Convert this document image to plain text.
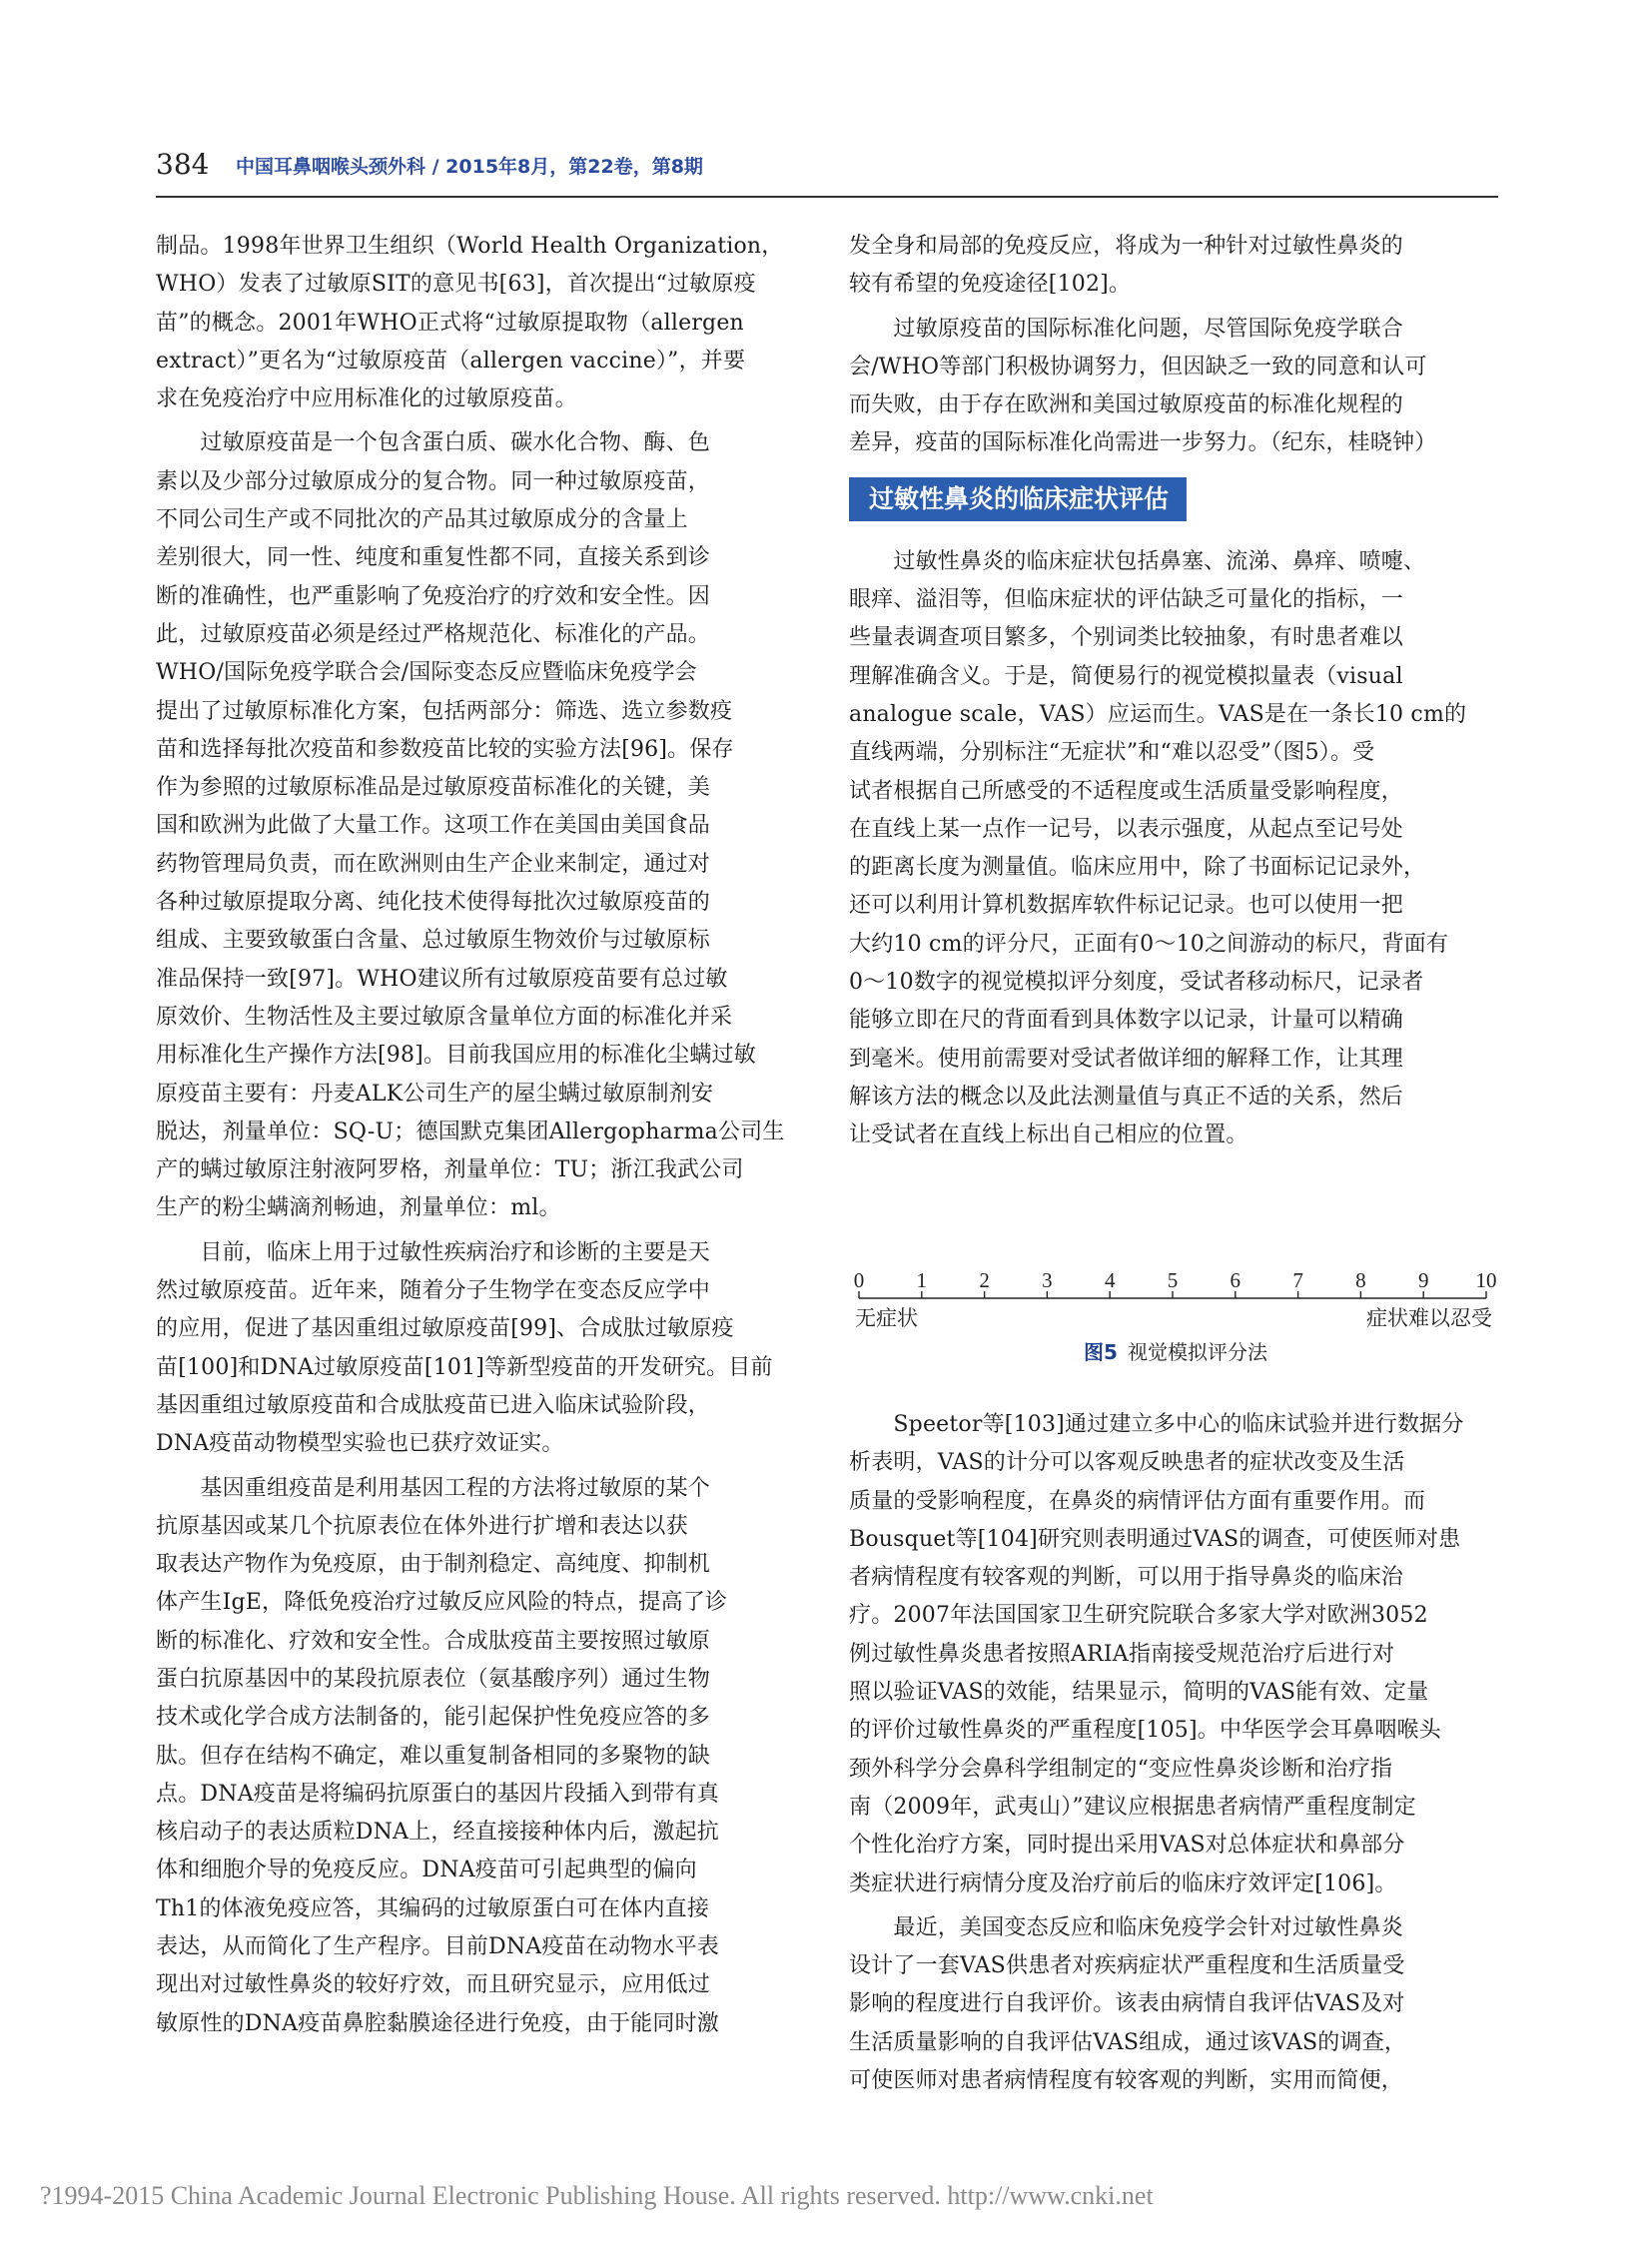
384 中国耳鼻咽喉头颈外科 / 2015年8月，第22卷，第8期

制品。1998年世界卫生组织（World Health Organization，
WHO）发表了过敏原SIT的意见书[63]，首次提出“过敏原疫
苗”的概念。2001年WHO正式将“过敏原提取物（allergen
extract）”更名为“过敏原疫苗（allergen vaccine）”，并要
求在免疫治疗中应用标准化的过敏原疫苗。

　　过敏原疫苗是一个包含蛋白质、碳水化合物、酶、色
素以及少部分过敏原成分的复合物。同一种过敏原疫苗，
不同公司生产或不同批次的产品其过敏原成分的含量上
差别很大，同一性、纯度和重复性都不同，直接关系到诊
断的准确性，也严重影响了免疫治疗的疗效和安全性。因
此，过敏原疫苗必须是经过严格规范化、标准化的产品。
WHO/国际免疫学联合会/国际变态反应暨临床免疫学会
提出了过敏原标准化方案，包括两部分：筛选、选立参数疫
苗和选择每批次疫苗和参数疫苗比较的实验方法[96]。保存
作为参照的过敏原标准品是过敏原疫苗标准化的关键，美
国和欧洲为此做了大量工作。这项工作在美国由美国食品
药物管理局负责，而在欧洲则由生产企业来制定，通过对
各种过敏原提取分离、纯化技术使得每批次过敏原疫苗的
组成、主要致敏蛋白含量、总过敏原生物效价与过敏原标
准品保持一致[97]。WHO建议所有过敏原疫苗要有总过敏
原效价、生物活性及主要过敏原含量单位方面的标准化并采
用标准化生产操作方法[98]。目前我国应用的标准化尘螨过敏
原疫苗主要有：丹麦ALK公司生产的屋尘螨过敏原制剂安
脱达，剂量单位：SQ-U；德国默克集团Allergopharma公司生
产的螨过敏原注射液阿罗格，剂量单位：TU；浙江我武公司
生产的粉尘螨滴剂畅迪，剂量单位：ml。

　　目前，临床上用于过敏性疾病治疗和诊断的主要是天
然过敏原疫苗。近年来，随着分子生物学在变态反应学中
的应用，促进了基因重组过敏原疫苗[99]、合成肽过敏原疫
苗[100]和DNA过敏原疫苗[101]等新型疫苗的开发研究。目前
基因重组过敏原疫苗和合成肽疫苗已进入临床试验阶段，
DNA疫苗动物模型实验也已获疗效证实。

　　基因重组疫苗是利用基因工程的方法将过敏原的某个
抗原基因或某几个抗原表位在体外进行扩增和表达以获
取表达产物作为免疫原，由于制剂稳定、高纯度、抑制机
体产生IgE，降低免疫治疗过敏反应风险的特点，提高了诊
断的标准化、疗效和安全性。合成肽疫苗主要按照过敏原
蛋白抗原基因中的某段抗原表位（氨基酸序列）通过生物
技术或化学合成方法制备的，能引起保护性免疫应答的多
肽。但存在结构不确定，难以重复制备相同的多聚物的缺
点。DNA疫苗是将编码抗原蛋白的基因片段插入到带有真
核启动子的表达质粒DNA上，经直接接种体内后，激起抗
体和细胞介导的免疫反应。DNA疫苗可引起典型的偏向
Th1的体液免疫应答，其编码的过敏原蛋白可在体内直接
表达，从而简化了生产程序。目前DNA疫苗在动物水平表
现出对过敏性鼻炎的较好疗效，而且研究显示，应用低过
敏原性的DNA疫苗鼻腔黏膜途径进行免疫，由于能同时激

发全身和局部的免疫反应，将成为一种针对过敏性鼻炎的
较有希望的免疫途径[102]。

　　过敏原疫苗的国际标准化问题，尽管国际免疫学联合
会/WHO等部门积极协调努力，但因缺乏一致的同意和认可
而失败，由于存在欧洲和美国过敏原疫苗的标准化规程的
差异，疫苗的国际标准化尚需进一步努力。（纪东，桂晓钟）

过敏性鼻炎的临床症状评估

　　过敏性鼻炎的临床症状包括鼻塞、流涕、鼻痒、喷嚏、
眼痒、溢泪等，但临床症状的评估缺乏可量化的指标，一
些量表调查项目繁多，个别词类比较抽象，有时患者难以
理解准确含义。于是，简便易行的视觉模拟量表（visual
analogue scale，VAS）应运而生。VAS是在一条长10 cm的
直线两端，分别标注“无症状”和“难以忍受”（图5）。受
试者根据自己所感受的不适程度或生活质量受影响程度，
在直线上某一点作一记号，以表示强度，从起点至记号处
的距离长度为测量值。临床应用中，除了书面标记记录外，
还可以利用计算机数据库软件标记记录。也可以使用一把
大约10 cm的评分尺，正面有0～10之间游动的标尺，背面有
0～10数字的视觉模拟评分刻度，受试者移动标尺，记录者
能够立即在尺的背面看到具体数字以记录，计量可以精确
到毫米。使用前需要对受试者做详细的解释工作，让其理
解该方法的概念以及此法测量值与真正不适的关系，然后
让受试者在直线上标出自己相应的位置。

0 1 2 3 4 5 6 7 8 9 10
无症状	症状难以忍受
图5 视觉模拟评分法

　　Speetor等[103]通过建立多中心的临床试验并进行数据分
析表明，VAS的计分可以客观反映患者的症状改变及生活
质量的受影响程度，在鼻炎的病情评估方面有重要作用。而
Bousquet等[104]研究则表明通过VAS的调查，可使医师对患
者病情程度有较客观的判断，可以用于指导鼻炎的临床治
疗。2007年法国国家卫生研究院联合多家大学对欧洲3052
例过敏性鼻炎患者按照ARIA指南接受规范治疗后进行对
照以验证VAS的效能，结果显示，简明的VAS能有效、定量
的评价过敏性鼻炎的严重程度[105]。中华医学会耳鼻咽喉头
颈外科学分会鼻科学组制定的“变应性鼻炎诊断和治疗指
南（2009年，武夷山）”建议应根据患者病情严重程度制定
个性化治疗方案，同时提出采用VAS对总体症状和鼻部分
类症状进行病情分度及治疗前后的临床疗效评定[106]。

　　最近，美国变态反应和临床免疫学会针对过敏性鼻炎
设计了一套VAS供患者对疾病症状严重程度和生活质量受
影响的程度进行自我评价。该表由病情自我评估VAS及对
生活质量影响的自我评估VAS组成，通过该VAS的调查，
可使医师对患者病情程度有较客观的判断，实用而简便，

?1994-2015 China Academic Journal Electronic Publishing House. All rights reserved. http://www.cnki.net
